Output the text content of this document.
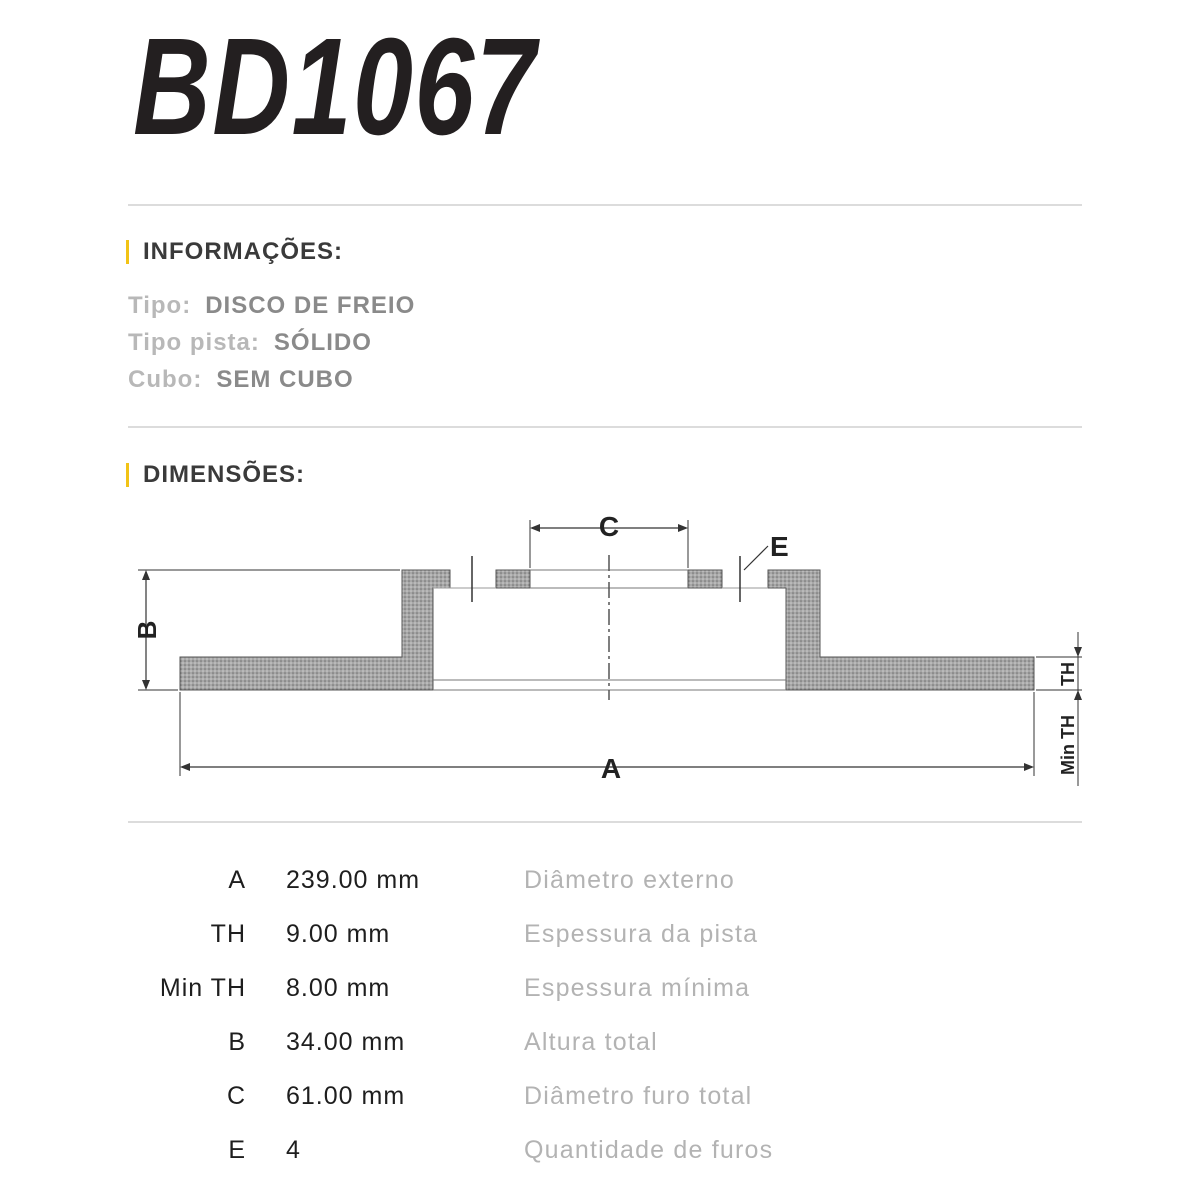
BD1067
INFORMAÇÕES:
Tipo: DISCO DE FREIO
Tipo pista: SÓLIDO
Cubo: SEM CUBO
DIMENSÕES:
C
E
B
A
TH
Min TH
A 239.00 mm	Diâmetro externo
TH 9.00 mm	Espessura da pista
Min TH 8.00 mm	Espessura mínima
B 34.00 mm	Altura total
C 61.00 mm	Diâmetro furo total
E 4	Quantidade de furos
